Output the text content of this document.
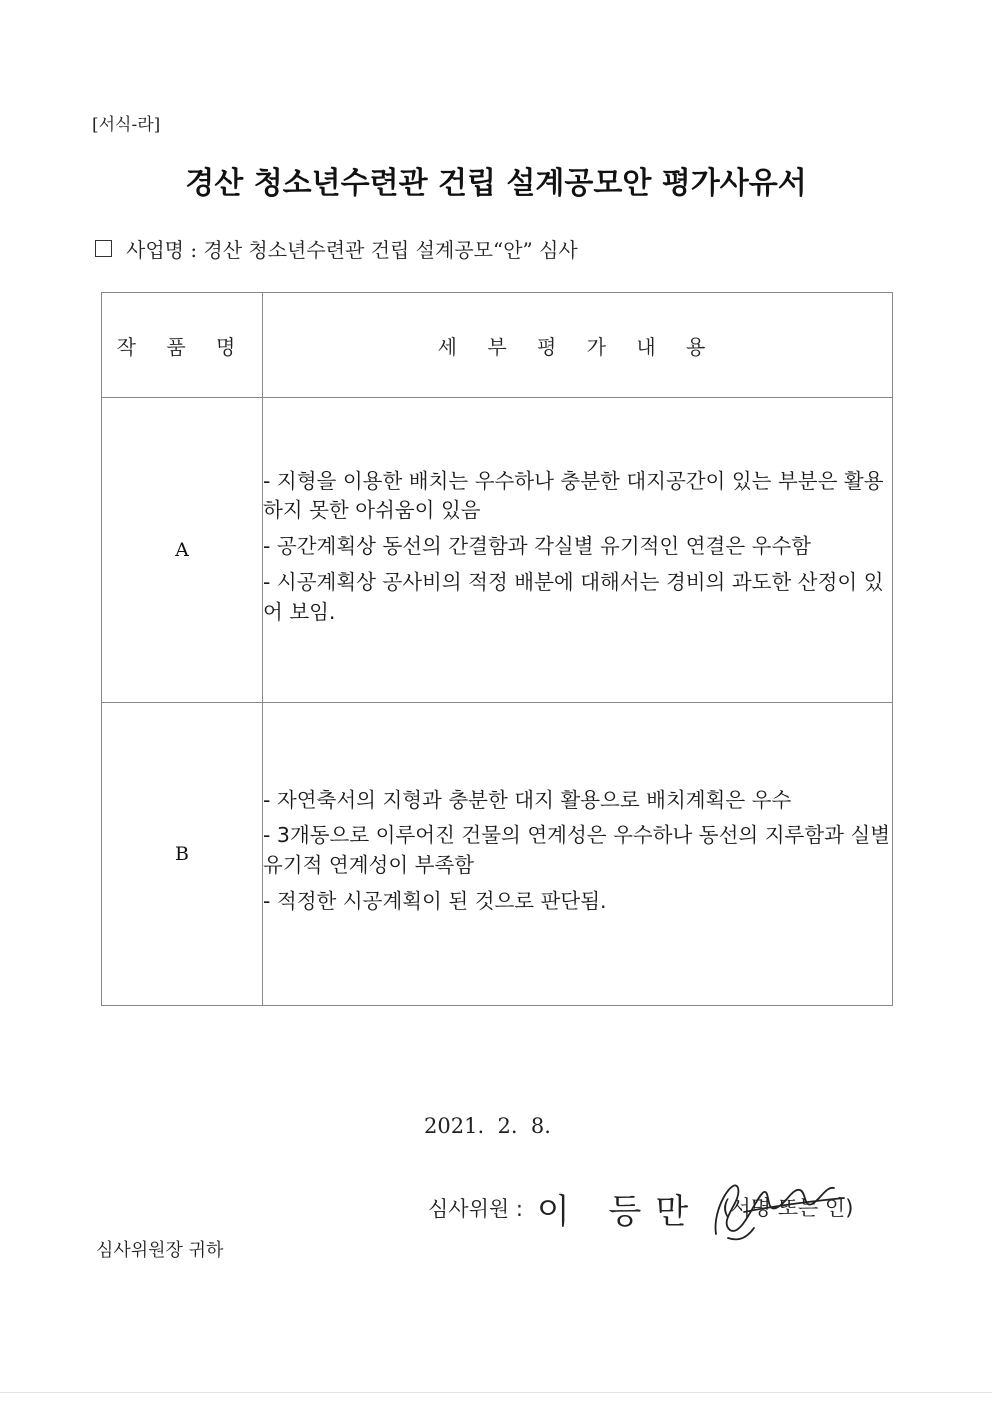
[서식-라]
경산 청소년수련관 건립 설계공모안 평가사유서
사업명 : 경산 청소년수련관 건립 설계공모“안” 심사
작 품 명	세 부 평 가 내 용
A	- 지형을 이용한 배치는 우수하나 충분한 대지공간이 있는 부분은 활용하지 못한 아쉬움이 있음
- 공간계획상 동선의 간결함과 각실별 유기적인 연결은 우수함
- 시공계획상 공사비의 적정 배분에 대해서는 경비의 과도한 산정이 있어 보임.

B	- 자연축서의 지형과 충분한 대지 활용으로 배치계획은 우수
- 3개동으로 이루어진 건물의 연계성은 우수하나 동선의 지루함과 실별 유기적 연계성이 부족함
- 적정한 시공계획이 된 것으로 판단됨.
2021.  2.  8.
심사위원 : 이 등만 (서명 또는 인)
심사위원장 귀하
